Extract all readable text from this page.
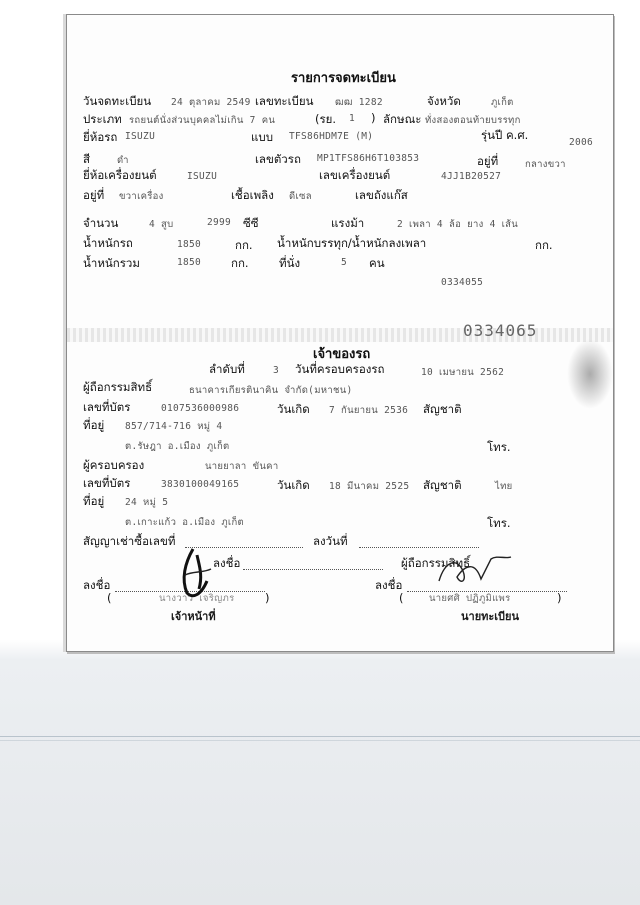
รายการจดทะเบียน
วันจดทะเบียน 24 ตุลาคม 2549 เลขทะเบียน ฒฒ 1282	จังหวัด	ภูเก็ต
ประเภท รถยนต์นั่งส่วนบุคคลไม่เกิน 7 คน	(รย. 1 ) ลักษณะ ทั่งสองตอนท้ายบรรทุก
ยี่ห้อรถ ISUZU	แบบ TFS86HDM7E (M)	รุ่นปี ค.ศ.
2006
สี	ดำ	เลขตัวรถ MP1TFS86H6T103853	อยู่ที่	กลางขวา
ยี่ห้อเครื่องยนต์	ISUZU	เลขเครื่องยนต์	4JJ1B20527
อยู่ที่ ขวาเครื่อง	เชื้อเพลิง ดีเซล	เลขถังแก๊ส
จำนวน	4 สูบ	2999 ซีซี	แรงม้า	2 เพลา 4 ล้อ ยาง 4 เส้น
น้ำหนักรถ	1850	กก. น้ำหนักบรรทุก/น้ำหนักลงเพลา	กก.
น้ำหนักรวม	1850	กก.	ที่นั่ง	5 คน
0334055
0334065
เจ้าของรถ
ลำดับที่	3 วันที่ครอบครองรถ	10 เมษายน 2562
ผู้ถือกรรมสิทธิ์	ธนาคารเกียรตินาคิน จำกัด(มหาชน)
เลขที่บัตร	0107536000986	วันเกิด 7 กันยายน 2536 สัญชาติ
ที่อยู่ 857/714-716 หมู่ 4
ต.รัษฎา อ.เมือง ภูเก็ต	โทร.
ผู้ครอบครอง	นายยาลา ขันคา
เลขที่บัตร	3830100049165	วันเกิด 18 มีนาคม 2525 สัญชาติ	ไทย
ที่อยู่ 24 หมู่ 5
ต.เกาะแก้ว อ.เมือง ภูเก็ต	โทร.
สัญญาเช่าซื้อเลขที่	ลงวันที่
ลงชื่อ	ผู้ถือกรรมสิทธิ์
ลงชื่อ	ลงชื่อ
(	นางวาว เจริญภร	)	(	นายศศิ ปฏิภูมิแพร	)
เจ้าหน้าที่	นายทะเบียน
